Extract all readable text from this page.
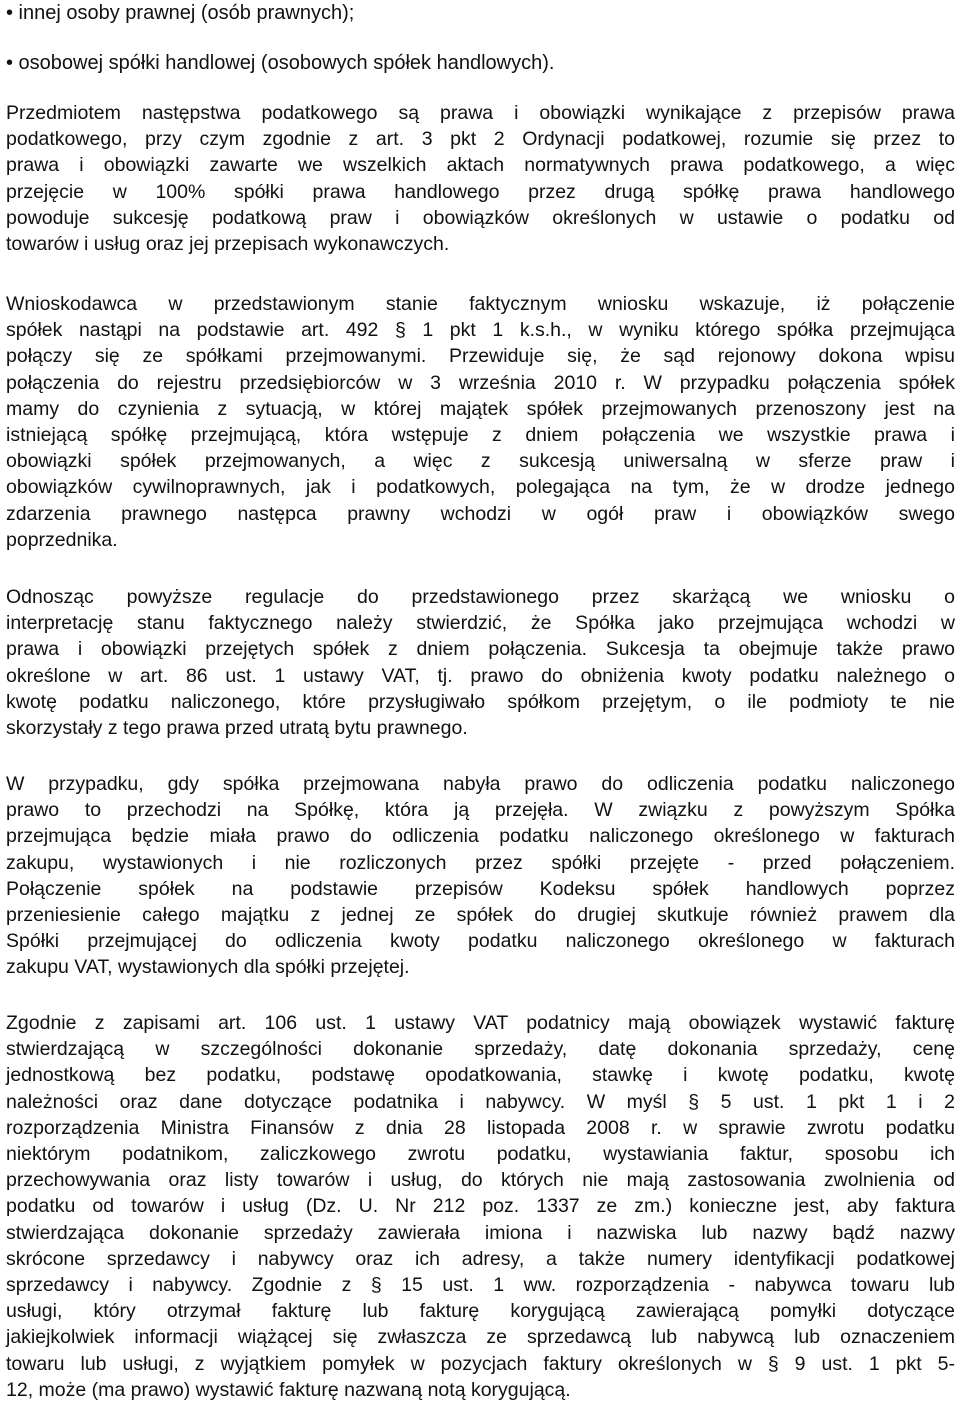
• innej osoby prawnej (osób prawnych);
• osobowej spółki handlowej (osobowych spółek handlowych).
Przedmiotem następstwa podatkowego są prawa i obowiązki wynikające z przepisów prawa
podatkowego, przy czym zgodnie z art. 3 pkt 2 Ordynacji podatkowej, rozumie się przez to
prawa i obowiązki zawarte we wszelkich aktach normatywnych prawa podatkowego, a więc
przejęcie w 100% spółki prawa handlowego przez drugą spółkę prawa handlowego
powoduje sukcesję podatkową praw i obowiązków określonych w ustawie o podatku od
towarów i usług oraz jej przepisach wykonawczych.
Wnioskodawca w przedstawionym stanie faktycznym wniosku wskazuje, iż połączenie
spółek nastąpi na podstawie art. 492 § 1 pkt 1 k.s.h., w wyniku którego spółka przejmująca
połączy się ze spółkami przejmowanymi. Przewiduje się, że sąd rejonowy dokona wpisu
połączenia do rejestru przedsiębiorców w 3 września 2010 r. W przypadku połączenia spółek
mamy do czynienia z sytuacją, w której majątek spółek przejmowanych przenoszony jest na
istniejącą spółkę przejmującą, która wstępuje z dniem połączenia we wszystkie prawa i
obowiązki spółek przejmowanych, a więc z sukcesją uniwersalną w sferze praw i
obowiązków cywilnoprawnych, jak i podatkowych, polegająca na tym, że w drodze jednego
zdarzenia prawnego następca prawny wchodzi w ogół praw i obowiązków swego
poprzednika.
Odnosząc powyższe regulacje do przedstawionego przez skarżącą we wniosku o
interpretację stanu faktycznego należy stwierdzić, że Spółka jako przejmująca wchodzi w
prawa i obowiązki przejętych spółek z dniem połączenia. Sukcesja ta obejmuje także prawo
określone w art. 86 ust. 1 ustawy VAT, tj. prawo do obniżenia kwoty podatku należnego o
kwotę podatku naliczonego, które przysługiwało spółkom przejętym, o ile podmioty te nie
skorzystały z tego prawa przed utratą bytu prawnego.
W przypadku, gdy spółka przejmowana nabyła prawo do odliczenia podatku naliczonego
prawo to przechodzi na Spółkę, która ją przejęła. W związku z powyższym Spółka
przejmująca będzie miała prawo do odliczenia podatku naliczonego określonego w fakturach
zakupu, wystawionych i nie rozliczonych przez spółki przejęte - przed połączeniem.
Połączenie spółek na podstawie przepisów Kodeksu spółek handlowych poprzez
przeniesienie całego majątku z jednej ze spółek do drugiej skutkuje również prawem dla
Spółki przejmującej do odliczenia kwoty podatku naliczonego określonego w fakturach
zakupu VAT, wystawionych dla spółki przejętej.
Zgodnie z zapisami art. 106 ust. 1 ustawy VAT podatnicy mają obowiązek wystawić fakturę
stwierdzającą w szczególności dokonanie sprzedaży, datę dokonania sprzedaży, cenę
jednostkową bez podatku, podstawę opodatkowania, stawkę i kwotę podatku, kwotę
należności oraz dane dotyczące podatnika i nabywcy. W myśl § 5 ust. 1 pkt 1 i 2
rozporządzenia Ministra Finansów z dnia 28 listopada 2008 r. w sprawie zwrotu podatku
niektórym podatnikom, zaliczkowego zwrotu podatku, wystawiania faktur, sposobu ich
przechowywania oraz listy towarów i usług, do których nie mają zastosowania zwolnienia od
podatku od towarów i usług (Dz. U. Nr 212 poz. 1337 ze zm.) konieczne jest, aby faktura
stwierdzająca dokonanie sprzedaży zawierała imiona i nazwiska lub nazwy bądź nazwy
skrócone sprzedawcy i nabywcy oraz ich adresy, a także numery identyfikacji podatkowej
sprzedawcy i nabywcy. Zgodnie z § 15 ust. 1 ww. rozporządzenia - nabywca towaru lub
usługi, który otrzymał fakturę lub fakturę korygującą zawierającą pomyłki dotyczące
jakiejkolwiek informacji wiążącej się zwłaszcza ze sprzedawcą lub nabywcą lub oznaczeniem
towaru lub usługi, z wyjątkiem pomyłek w pozycjach faktury określonych w § 9 ust. 1 pkt 5-
12, może (ma prawo) wystawić fakturę nazwaną notą korygującą.
